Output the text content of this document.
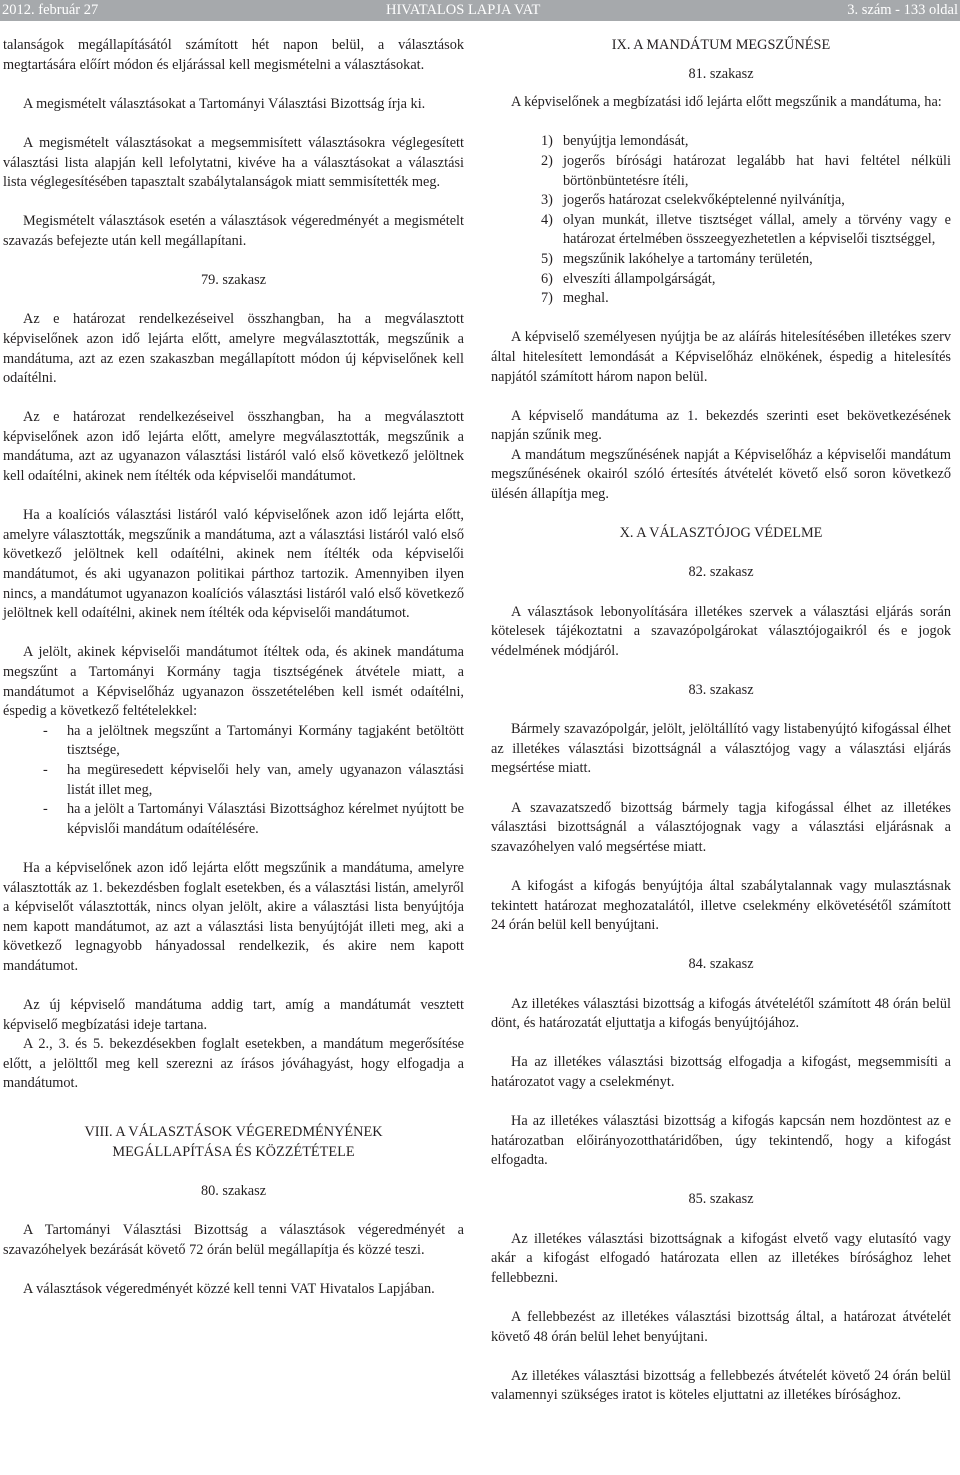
2012. február 27	HIVATALOS LAPJA VAT	3. szám - 133 oldal

talanságok megállapításától számított hét napon belül, a választások megtartására előírt módon és eljárással kell megismételni a választásokat.

A megismételt választásokat a Tartományi Választási Bizottság írja ki.

A megismételt választásokat a megsemmisített választásokra véglegesített választási lista alapján kell lefolytatni, kivéve ha a választásokat a választási lista véglegesítésében tapasztalt szabálytalanságok miatt semmisítették meg.

Megismételt választások esetén a választások végeredményét a megismételt szavazás befejezte után kell megállapítani.

79. szakasz

Az e határozat rendelkezéseivel összhangban, ha a megválasztott képviselőnek azon idő lejárta előtt, amelyre megválasztották, megszűnik a mandátuma, azt az ezen szakaszban megállapított módon új képviselőnek kell odaítélni.

Az e határozat rendelkezéseivel összhangban, ha a megválasztott képviselőnek azon idő lejárta előtt, amelyre megválasztották, megszűnik a mandátuma, azt az ugyanazon választási listáról való első következő jelöltnek kell odaítélni, akinek nem ítélték oda képviselői mandátumot.

Ha a koalíciós választási listáról való képviselőnek azon idő lejárta előtt, amelyre választották, megszűnik a mandátuma, azt a választási listáról való első következő jelöltnek kell odaítélni, akinek nem ítélték oda képviselői mandátumot, és aki ugyanazon politikai párthoz tartozik. Amennyiben ilyen nincs, a mandátumot ugyanazon koalíciós választási listáról való első következő jelöltnek kell odaítélni, akinek nem ítélték oda képviselői mandátumot.

A jelölt, akinek képviselői mandátumot ítéltek oda, és akinek mandátuma megszűnt a Tartományi Kormány tagja tisztségének átvétele miatt, a mandátumot a Képviselőház ugyanazon összetételében kell ismét odaítélni, éspedig a következő feltételekkel:

- ha a jelöltnek megszűnt a Tartományi Kormány tagjaként betöltött tisztsége,
- ha megüresedett képviselői hely van, amely ugyanazon választási listát illet meg,
- ha a jelölt a Tartományi Választási Bizottsághoz kérelmet nyújtott be képvislői mandátum odaítélésére.

Ha a képviselőnek azon idő lejárta előtt megszűnik a mandátuma, amelyre választották az 1. bekezdésben foglalt esetekben, és a választási listán, amelyről a képviselőt választották, nincs olyan jelölt, akire a választási lista benyújtója nem kapott mandátumot, az azt a választási lista benyújtóját illeti meg, aki a következő legnagyobb hányadossal rendelkezik, és akire nem kapott mandátumot.

Az új képviselő mandátuma addig tart, amíg a mandátumát vesztett képviselő megbízatási ideje tartana.

A 2., 3. és 5. bekezdésekben foglalt esetekben, a mandátum megerősítése előtt, a jelölttől meg kell szerezni az írásos jóváhagyást, hogy elfogadja a mandátumot.

VIII. A VÁLASZTÁSOK VÉGEREDMÉNYÉNEK

MEGÁLLAPÍTÁSA ÉS KÖZZÉTÉTELE

80. szakasz

A Tartományi Választási Bizottság a választások végeredményét a szavazóhelyek bezárását követő 72 órán belül megállapítja és közzé teszi.

A választások végeredményét közzé kell tenni VAT Hivatalos Lapjában.

IX. A MANDÁTUM MEGSZŰNÉSE

81. szakasz

A képviselőnek a megbízatási idő lejárta előtt megszűnik a mandátuma, ha:

1) benyújtja lemondását,
2) jogerős bírósági határozat legalább hat havi feltétel nélküli börtönbüntetésre ítéli,
3) jogerős határozat cselekvőképtelenné nyilvánítja,
4) olyan munkát, illetve tisztséget vállal, amely a törvény vagy e határozat értelmében összeegyezhetetlen a képviselői tisztséggel,
5) megszűnik lakóhelye a tartomány területén,
6) elveszíti állampolgárságát,
7) meghal.

A képviselő személyesen nyújtja be az aláírás hitelesítésében illetékes szerv által hitelesített lemondását a Képviselőház elnökének, éspedig a hitelesítés napjától számított három napon belül.

A képviselő mandátuma az 1. bekezdés szerinti eset bekövetkezésének napján szűnik meg.

A mandátum megszűnésének napját a Képviselőház a képviselői mandátum megszűnésének okairól szóló értesítés átvételét követő első soron következő ülésén állapítja meg.

X. A VÁLASZTÓJOG VÉDELME

82. szakasz

A választások lebonyolítására illetékes szervek a választási eljárás során kötelesek tájékoztatni a szavazópolgárokat választójogaikról és e jogok védelmének módjáról.

83. szakasz

Bármely szavazópolgár, jelölt, jelöltállító vagy listabenyújtó kifogással élhet az illetékes választási bizottságnál a választójog vagy a választási eljárás megsértése miatt.

A szavazatszedő bizottság bármely tagja kifogással élhet az illetékes választási bizottságnál a választójognak vagy a választási eljárásnak a szavazóhelyen való megsértése miatt.

A kifogást a kifogás benyújtója által szabálytalannak vagy mulasztásnak tekintett határozat meghozatalától, illetve cselekmény elkövetésétől számított 24 órán belül kell benyújtani.

84. szakasz

Az illetékes választási bizottság a kifogás átvételétől számított 48 órán belül dönt, és határozatát eljuttatja a kifogás benyújtójához.

Ha az illetékes választási bizottság elfogadja a kifogást, megsemmisíti a határozatot vagy a cselekményt.

Ha az illetékes választási bizottság a kifogás kapcsán nem hozdöntest az e határozatban előirányozotthatáridőben, úgy tekintendő, hogy a kifogást elfogadta.

85. szakasz

Az illetékes választási bizottságnak a kifogást elvető vagy elutasító vagy akár a kifogást elfogadó határozata ellen az illetékes bírósághoz lehet fellebbezni.

A fellebbezést az illetékes választási bizottság által, a határozat átvételét követő 48 órán belül lehet benyújtani.

Az illetékes választási bizottság a fellebbezés átvételét követő 24 órán belül valamennyi szükséges iratot is köteles eljuttatni az illetékes bírósághoz.
